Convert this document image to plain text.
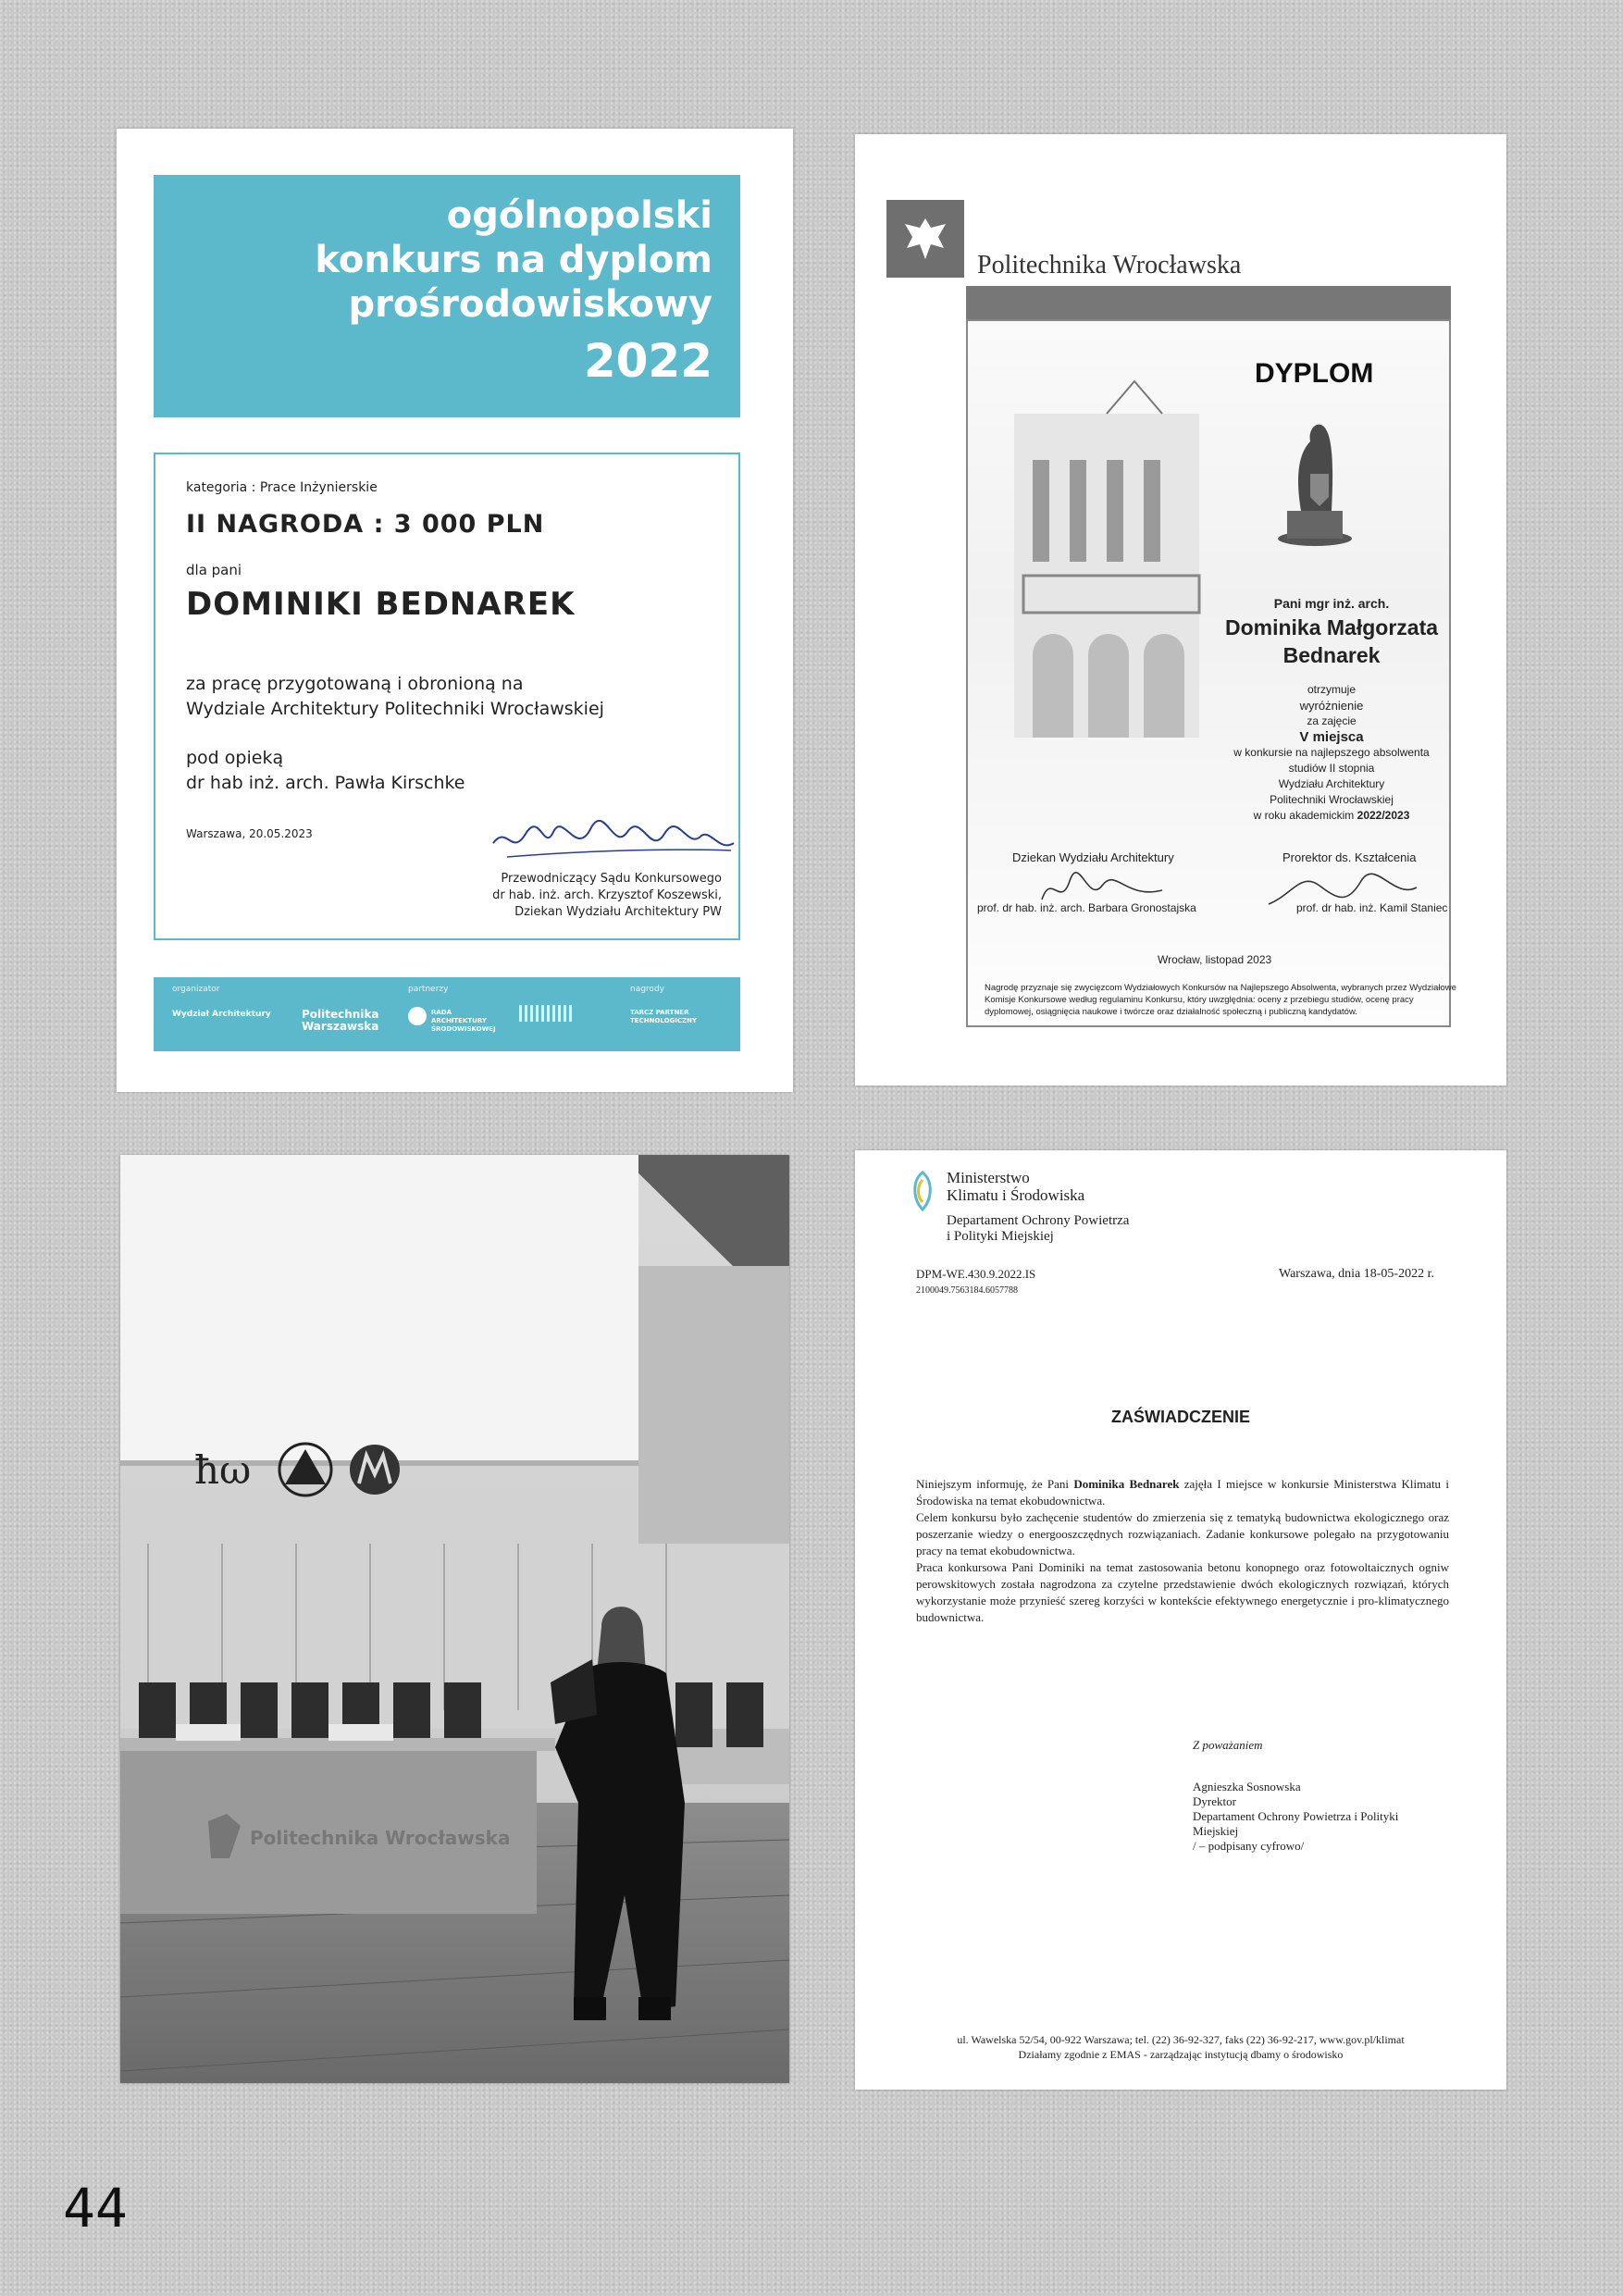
ogólnopolski
konkurs na dyplom
prośrodowiskowy
2022
kategoria : Prace Inżynierskie
II NAGRODA : 3 000 PLN
dla pani
DOMINIKI BEDNAREK
za pracę przygotowaną i obronioną na
Wydziale Architektury Politechniki Wrocławskiej
pod opieką
dr hab inż. arch. Pawła Kirschke
Warszawa, 20.05.2023
Przewodniczący Sądu Konkursowego
dr hab. inż. arch. Krzysztof Koszewski,
Dziekan Wydziału Architektury PW
organizator	partnerzy	nagrody
Wydział Architektury	Politechnika Warszawska
RADA ARCHITEKTURY ŚRODOWISKOWEJ
TARCZ PARTNER TECHNOLOGICZNY
Politechnika Wrocławska
DYPLOM
Pani mgr inż. arch.
Dominika Małgorzata
Bednarek
otrzymuje
wyróżnienie
za zajęcie
V miejsca
w konkursie na najlepszego absolwenta
studiów II stopnia
Wydziału Architektury
Politechniki Wrocławskiej
w roku akademickim 2022/2023
Dziekan Wydziału Architektury	Prorektor ds. Kształcenia
prof. dr hab. inż. arch. Barbara Gronostajska	prof. dr hab. inż. Kamil Staniec
Wrocław, listopad 2023
Nagrodę przyznaje się zwycięzcom Wydziałowych Konkursów na Najlepszego Absolwenta, wybranych przez Wydziałowe Komisje Konkursowe według regulaminu Konkursu, który uwzględnia: oceny z przebiegu studiów, ocenę pracy dyplomowej, osiągnięcia naukowe i twórcze oraz działalność społeczną i publiczną kandydatów.
ħω
Politechnika Wrocławska
Ministerstwo
Klimatu i Środowiska
Departament Ochrony Powietrza
i Polityki Miejskiej
DPM-WE.430.9.2022.IS
2100049.7563184.6057788
Warszawa, dnia 18-05-2022 r.
ZAŚWIADCZENIE
Niniejszym informuję, że Pani Dominika Bednarek zajęła I miejsce w konkursie Ministerstwa Klimatu i Środowiska na temat ekobudownictwa.
Celem konkursu było zachęcenie studentów do zmierzenia się z tematyką budownictwa ekologicznego oraz poszerzanie wiedzy o energooszczędnych rozwiązaniach. Zadanie konkursowe polegało na przygotowaniu pracy na temat ekobudownictwa.
Praca konkursowa Pani Dominiki na temat zastosowania betonu konopnego oraz fotowoltaicznych ogniw perowskitowych została nagrodzona za czytelne przedstawienie dwóch ekologicznych rozwiązań, których wykorzystanie może przynieść szereg korzyści w kontekście efektywnego energetycznie i pro-klimatycznego budownictwa.
Z poważaniem
Agnieszka Sosnowska
Dyrektor
Departament Ochrony Powietrza i Polityki
Miejskiej
/ – podpisany cyfrowo/
ul. Wawelska 52/54, 00-922 Warszawa; tel. (22) 36-92-327, faks (22) 36-92-217, www.gov.pl/klimat
Działamy zgodnie z EMAS - zarządzając instytucją dbamy o środowisko
44
